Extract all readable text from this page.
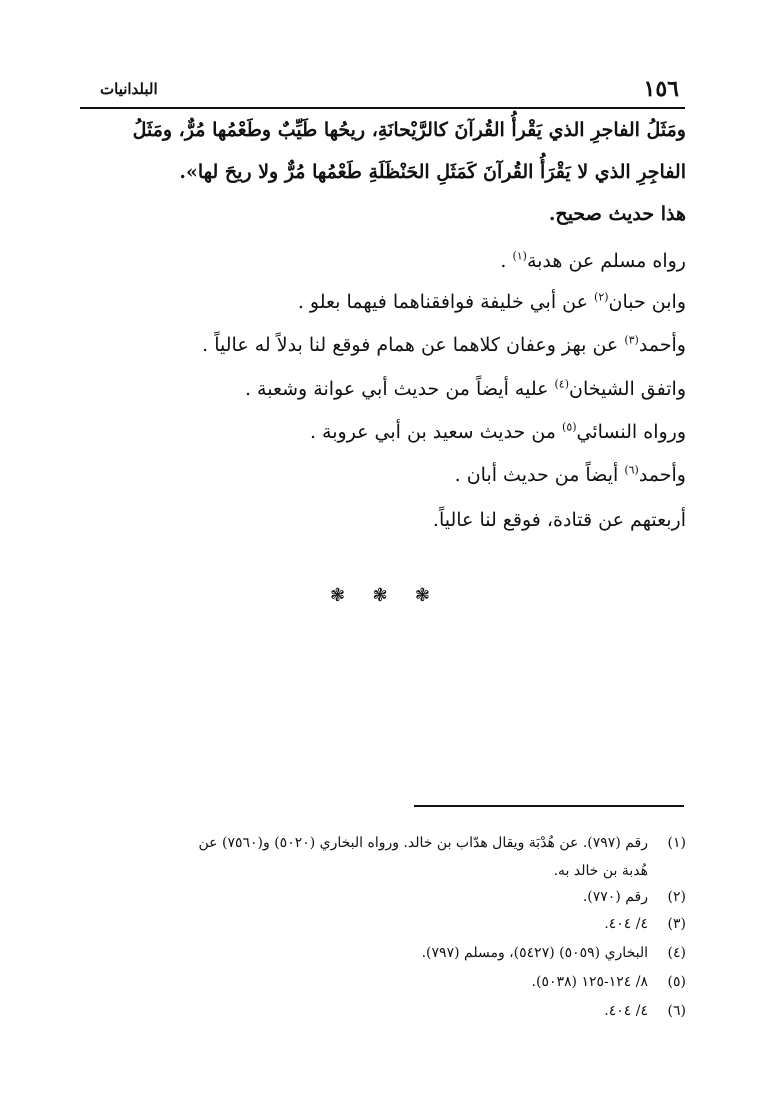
١٥٦
البلدانيات
ومَثَلُ الفاجرِ الذي يَقْرأُ القُرآنَ كالرَّيْحانَةِ، ريحُها طَيِّبٌ وطَعْمُها مُرٌّ، ومَثَلُ
الفاجِرِ الذي لا يَقْرَأُ القُرآنَ كَمَثَلِ الحَنْظَلَةِ طَعْمُها مُرٌّ ولا ريحَ لها».
هذا حديث صحيح.
رواه مسلم عن هدبة$^{(١)}$ .
وابن حبان$^{(٢)}$ عن أبي خليفة فوافقناهما فيهما بعلو .
وأحمد$^{(٣)}$ عن بهز وعفان كلاهما عن همام فوقع لنا بدلاً له عالياً .
واتفق الشيخان$^{(٤)}$ عليه أيضاً من حديث أبي عوانة وشعبة .
ورواه النسائي$^{(٥)}$ من حديث سعيد بن أبي عروبة .
وأحمد$^{(٦)}$ أيضاً من حديث أبان .
أربعتهم عن قتادة، فوقع لنا عالياً.
❃ ❃ ❃
(١)رقم (٧٩٧). عن هُدْبَة ويقال هدّاب بن خالد. ورواه البخاري (٥٠٢٠) و(٧٥٦٠) عن
هُدبة بن خالد به.
(٢)رقم (٧٧٠).
(٣)٤/ ٤٠٤.
(٤)البخاري (٥٠٥٩) (٥٤٢٧)، ومسلم (٧٩٧).
(٥)٨/ ١٢٤-١٢٥ (٥٠٣٨).
(٦)٤/ ٤٠٤.
